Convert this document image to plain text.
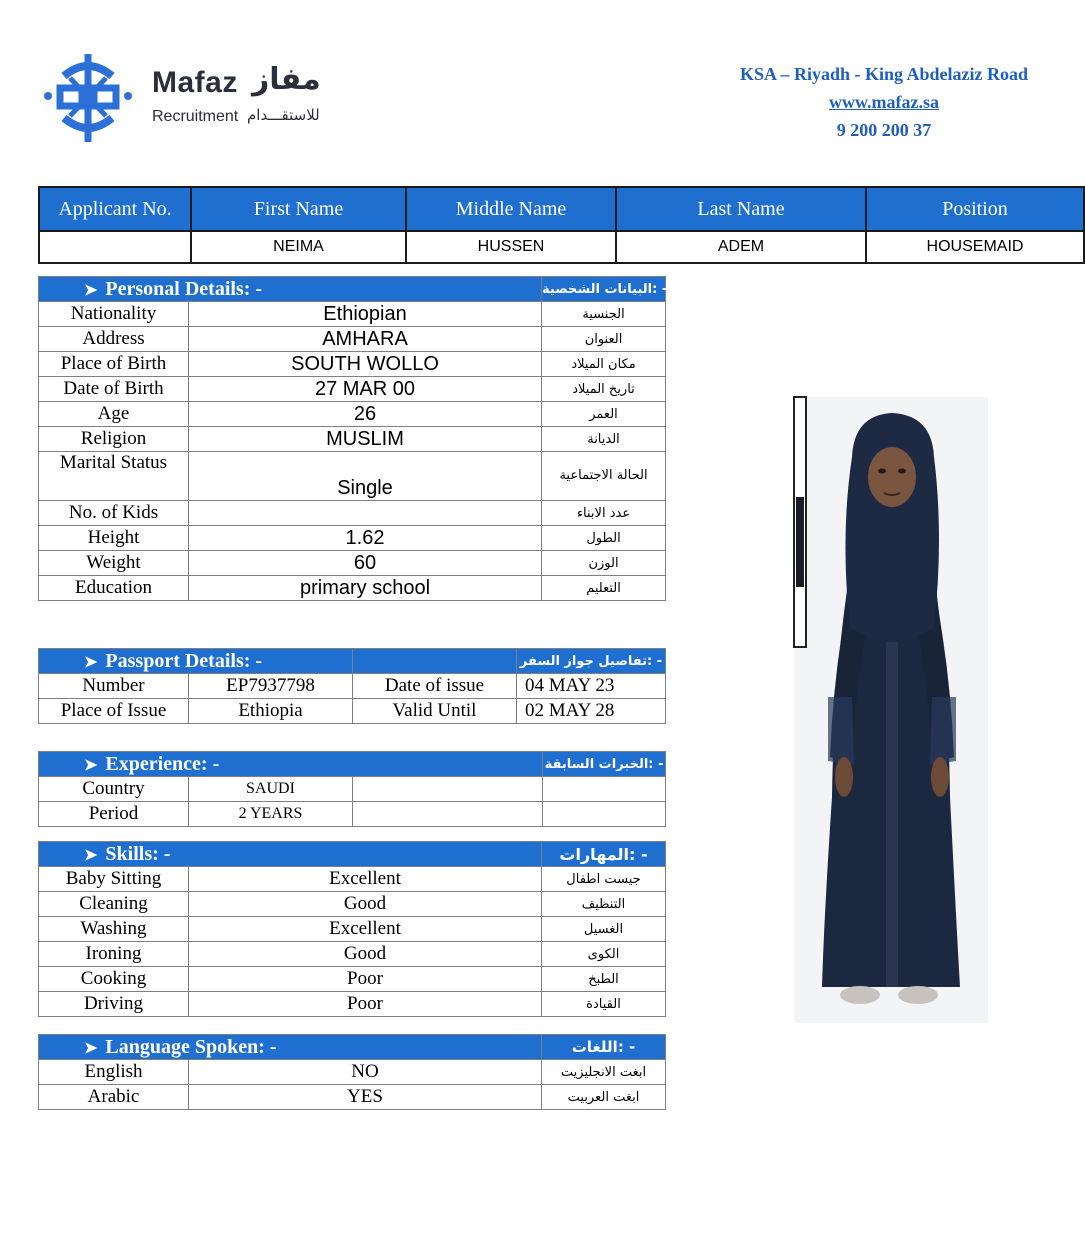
Mafaz مفاز
Recruitment للاستقـــدام
KSA – Riyadh - King Abdelaziz Road
www.mafaz.sa
9 200 200 37
Applicant No.	First Name	Middle Name	Last Name	Position
	NEIMA	HUSSEN	ADEM	HOUSEMAID
➤ Personal Details: -		البيانات الشخصية: -
Nationality	Ethiopian	الجنسية
Address	AMHARA	العنوان
Place of Birth	SOUTH WOLLO	مكان الميلاد
Date of Birth	27 MAR 00	تاريخ الميلاد
Age	26	العمر
Religion	MUSLIM	الديانة
Marital Status	Single	الحالة الاجتماعية
No. of Kids		عدد الابناء
Height	1.62	الطول
Weight	60	الوزن
Education	primary school	التعليم
➤ Passport Details: -			تفاصيل جواز السفر: -
Number	EP7937798	Date of issue	04 MAY 23
Place of Issue	Ethiopia	Valid Until	02 MAY 28
➤ Experience: -			الخبرات السابقة: -
Country	SAUDI		
Period	2 YEARS		
➤ Skills: -		المهارات: -
Baby Sitting	Excellent	جيست اطفال
Cleaning	Good	التنظيف
Washing	Excellent	الغسيل
Ironing	Good	الكوى
Cooking	Poor	الطبخ
Driving	Poor	القيادة
➤ Language Spoken: -		اللغات: -
English	NO	ابغت الانجليزيت
Arabic	YES	ابغت العربيت
